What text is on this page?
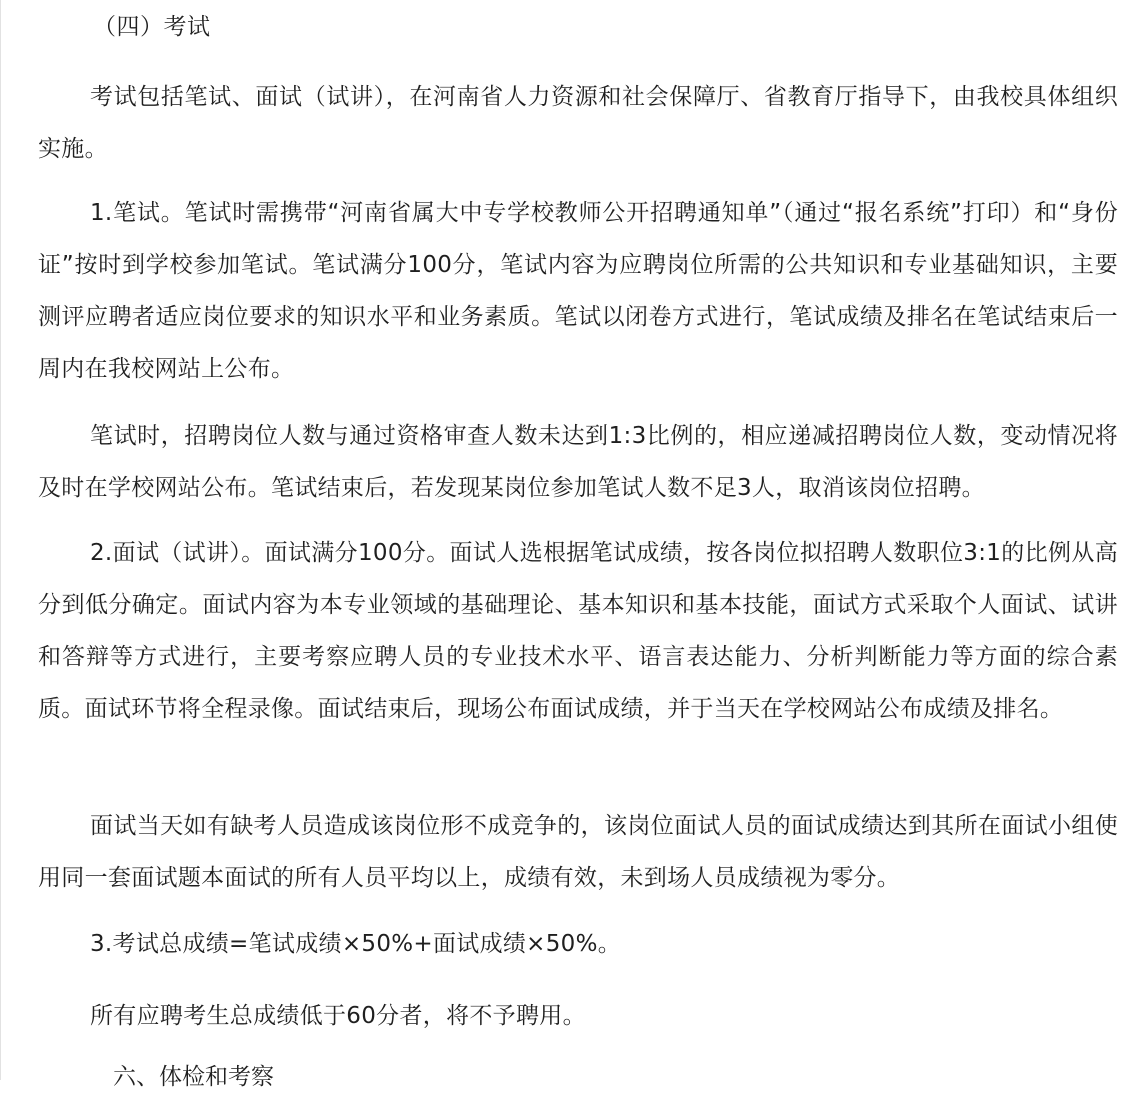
（四）考试

考试包括笔试、面试（试讲），在河南省人力资源和社会保障厅、省教育厅指导下，由我校具体组织实施。

1.笔试。笔试时需携带“河南省属大中专学校教师公开招聘通知单”（通过“报名系统”打印）和“身份证”按时到学校参加笔试。笔试满分100分，笔试内容为应聘岗位所需的公共知识和专业基础知识，主要测评应聘者适应岗位要求的知识水平和业务素质。笔试以闭卷方式进行，笔试成绩及排名在笔试结束后一周内在我校网站上公布。

笔试时，招聘岗位人数与通过资格审查人数未达到1:3比例的，相应递减招聘岗位人数，变动情况将及时在学校网站公布。笔试结束后，若发现某岗位参加笔试人数不足3人，取消该岗位招聘。

2.面试（试讲）。面试满分100分。面试人选根据笔试成绩，按各岗位拟招聘人数职位3:1的比例从高分到低分确定。面试内容为本专业领域的基础理论、基本知识和基本技能，面试方式采取个人面试、试讲和答辩等方式进行，主要考察应聘人员的专业技术水平、语言表达能力、分析判断能力等方面的综合素质。面试环节将全程录像。面试结束后，现场公布面试成绩，并于当天在学校网站公布成绩及排名。

面试当天如有缺考人员造成该岗位形不成竞争的，该岗位面试人员的面试成绩达到其所在面试小组使用同一套面试题本面试的所有人员平均以上，成绩有效，未到场人员成绩视为零分。

3.考试总成绩=笔试成绩×50%+面试成绩×50%。

所有应聘考生总成绩低于60分者，将不予聘用。

六、体检和考察
